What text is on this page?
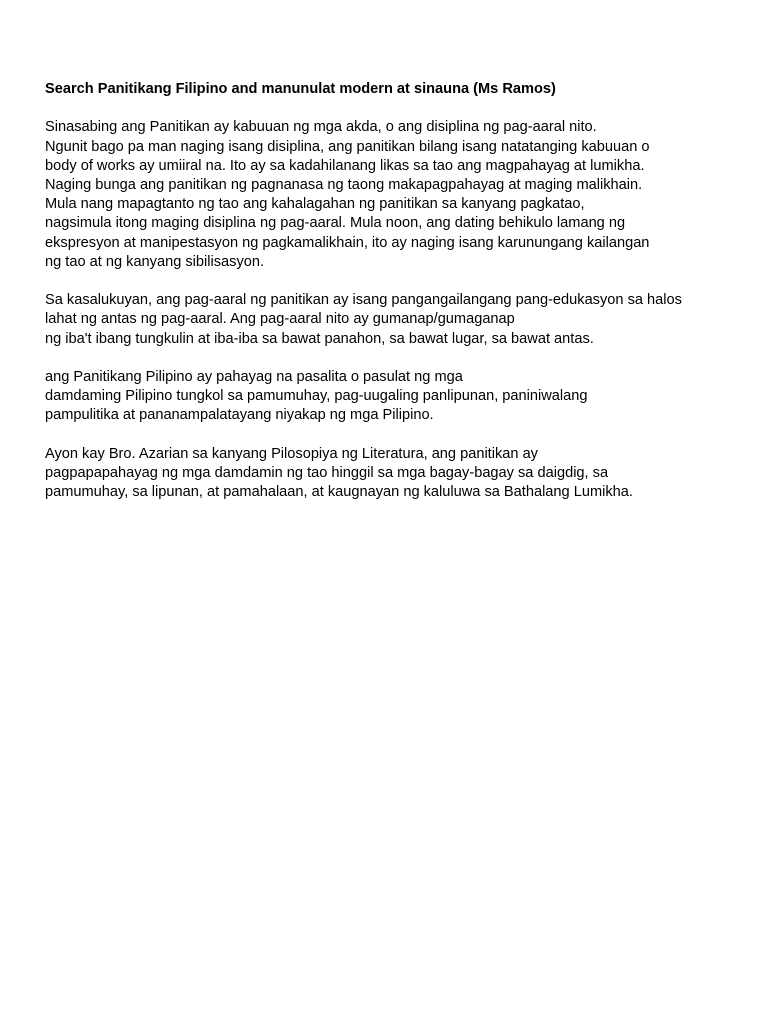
Search Panitikang Filipino and manunulat modern at sinauna (Ms Ramos)

Sinasabing ang Panitikan ay kabuuan ng mga akda, o ang disiplina ng pag-aaral nito.
Ngunit bago pa man naging isang disiplina, ang panitikan bilang isang natatanging kabuuan o
body of works ay umiiral na. Ito ay sa kadahilanang likas sa tao ang magpahayag at lumikha.
Naging bunga ang panitikan ng pagnanasa ng taong makapagpahayag at maging malikhain.
Mula nang mapagtanto ng tao ang kahalagahan ng panitikan sa kanyang pagkatao,
nagsimula itong maging disiplina ng pag-aaral. Mula noon, ang dating behikulo lamang ng
ekspresyon at manipestasyon ng pagkamalikhain, ito ay naging isang karunungang kailangan
ng tao at ng kanyang sibilisasyon.

Sa kasalukuyan, ang pag-aaral ng panitikan ay isang pangangailangang pang-edukasyon sa halos
lahat ng antas ng pag-aaral. Ang pag-aaral nito ay gumanap/gumaganap
ng iba't ibang tungkulin at iba-iba sa bawat panahon, sa bawat lugar, sa bawat antas.

ang Panitikang Pilipino ay pahayag na pasalita o pasulat ng mga
damdaming Pilipino tungkol sa pamumuhay, pag-uugaling panlipunan, paniniwalang
pampulitika at pananampalatayang niyakap ng mga Pilipino.

Ayon kay Bro. Azarian sa kanyang Pilosopiya ng Literatura, ang panitikan ay
pagpapapahayag ng mga damdamin ng tao hinggil sa mga bagay-bagay sa daigdig, sa
pamumuhay, sa lipunan, at pamahalaan, at kaugnayan ng kaluluwa sa Bathalang Lumikha.
